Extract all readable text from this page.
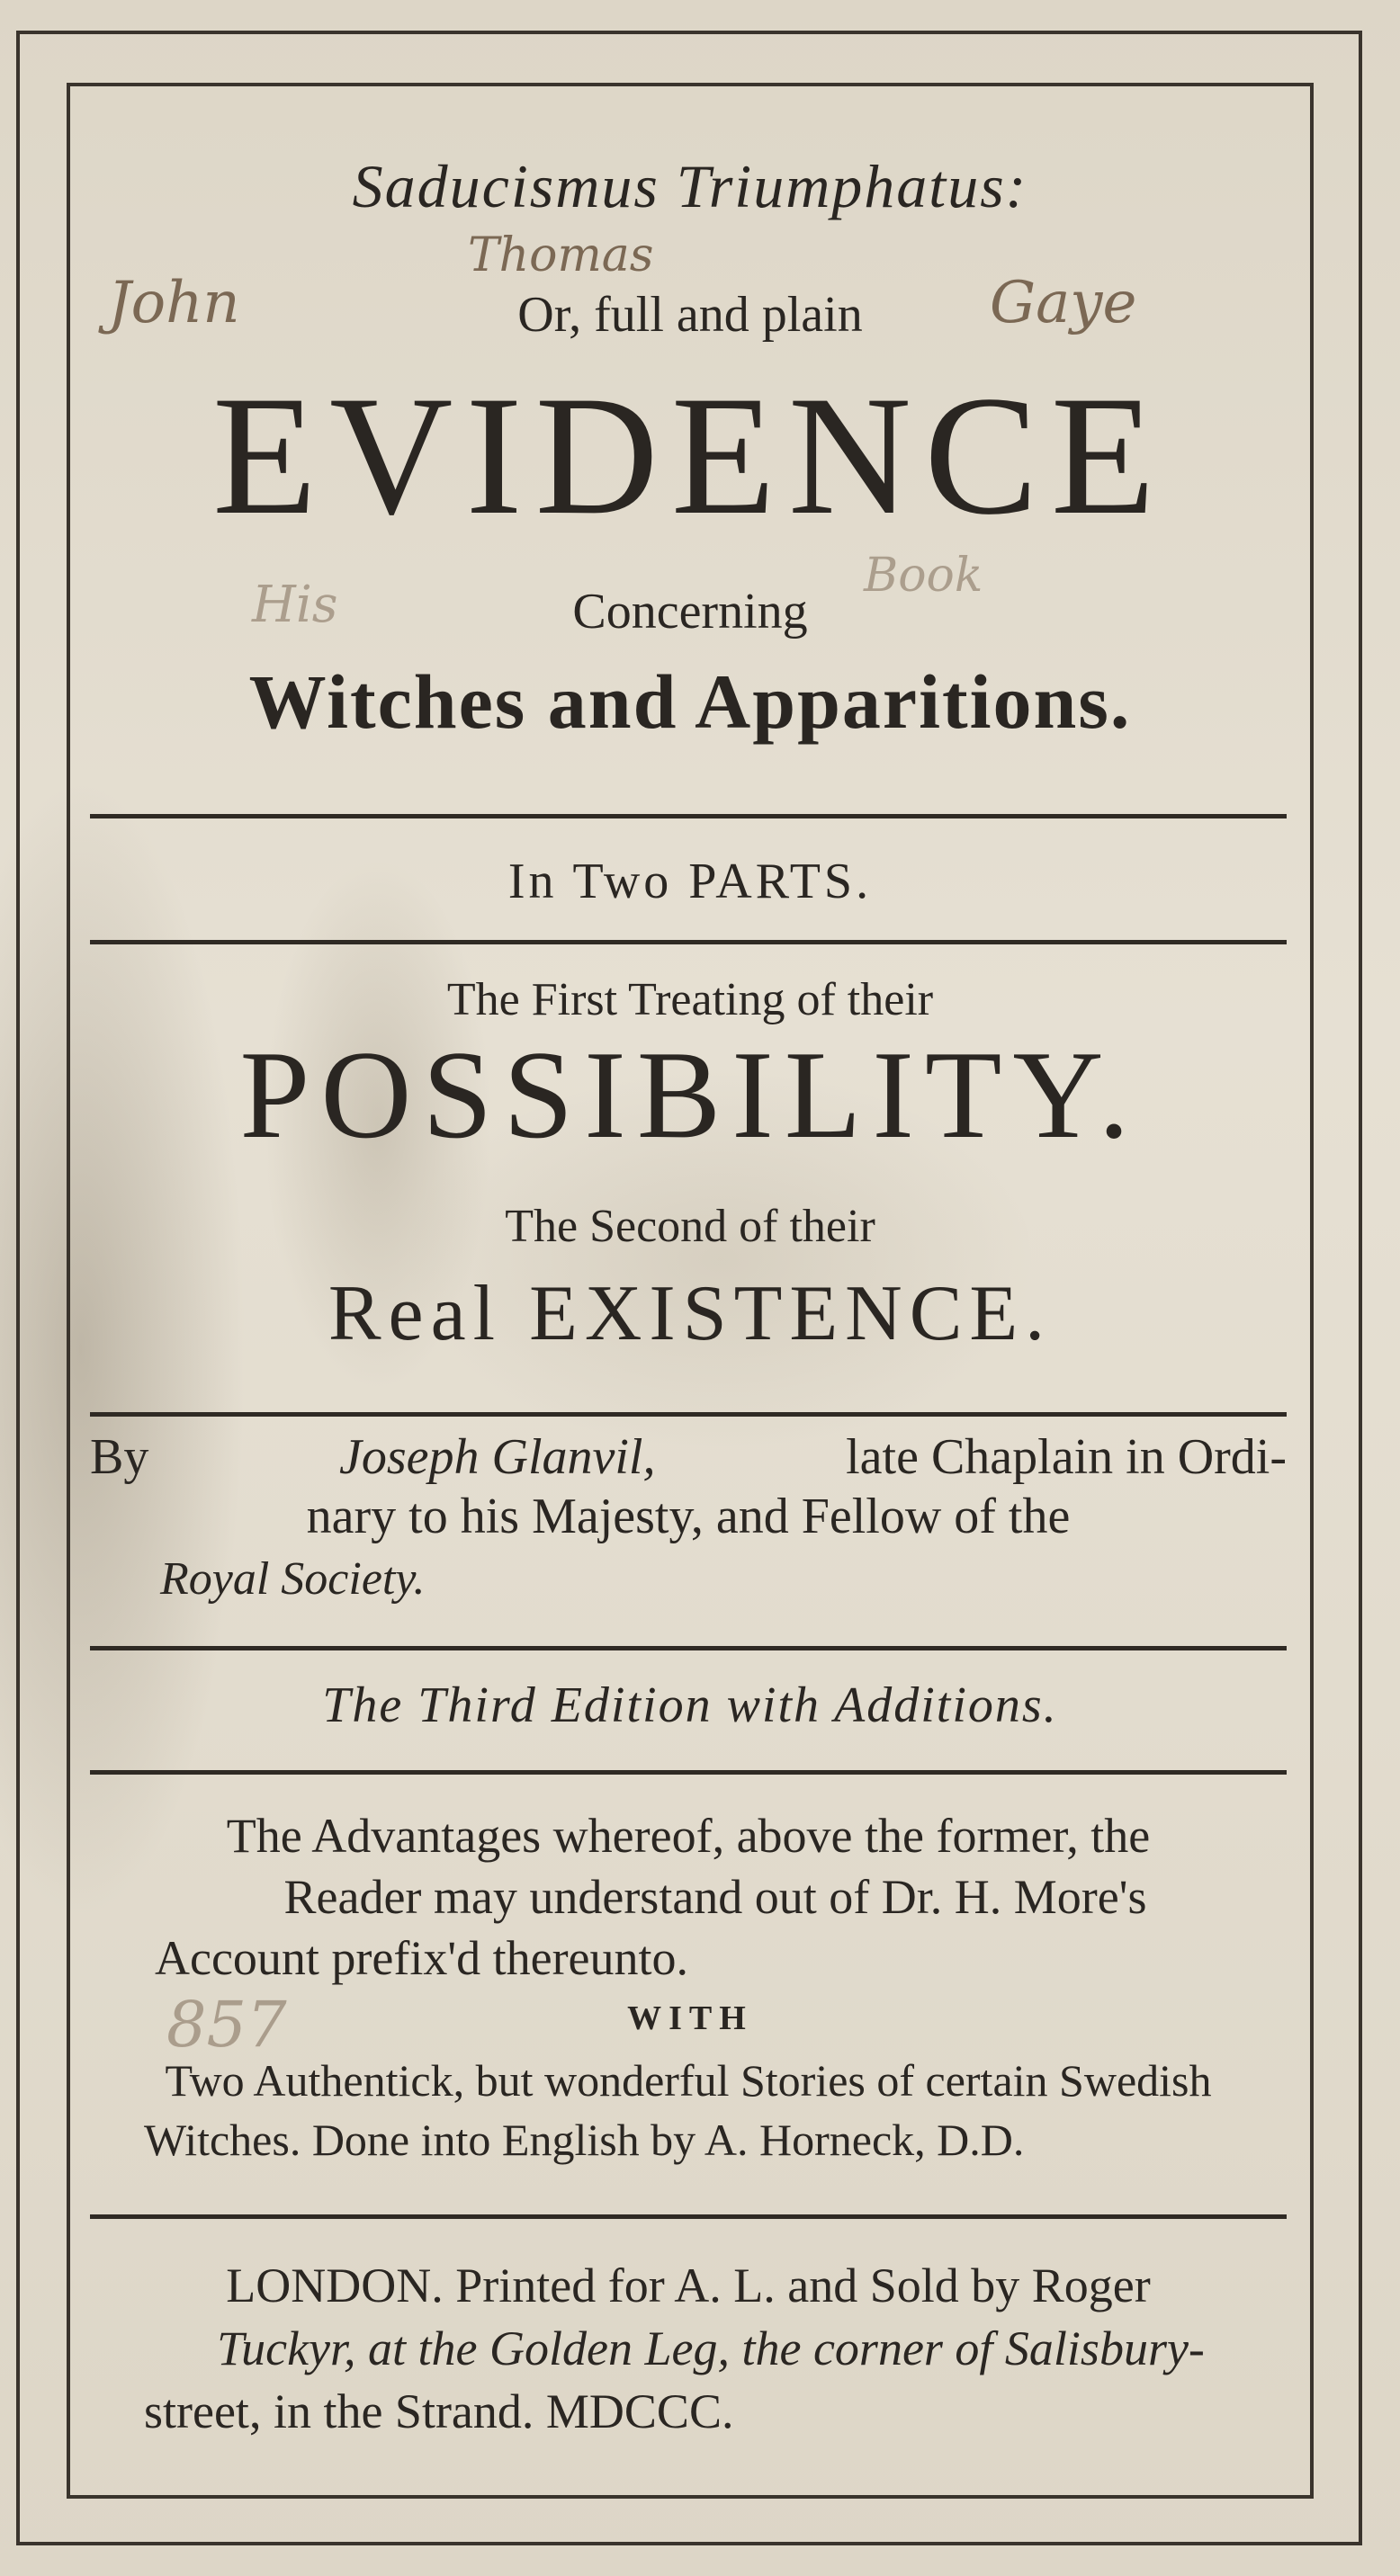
Saducismus Triumphatus:
Or, full and plain
EVIDENCE
Concerning
Witches and Apparitions.
In Two PARTS.
The First Treating of their
POSSIBILITY.
The Second of their
Real EXISTENCE.
By	Joseph Glanvil,	late Chaplain in Ordi-
nary to his Majesty, and Fellow of the
Royal Society.
The Third Edition with Additions.
The Advantages whereof, above the former, the
Reader may understand out of Dr. H. More's
Account prefix'd thereunto.
WITH
Two Authentick, but wonderful Stories of certain Swedish
Witches. Done into English by A. Horneck, D.D.
LONDON. Printed for A. L. and Sold by Roger
Tuckyr, at the Golden Leg, the corner of Salisbury-
street, in the Strand. MDCCC.
John
Thomas
Gaye
His	Book
857
